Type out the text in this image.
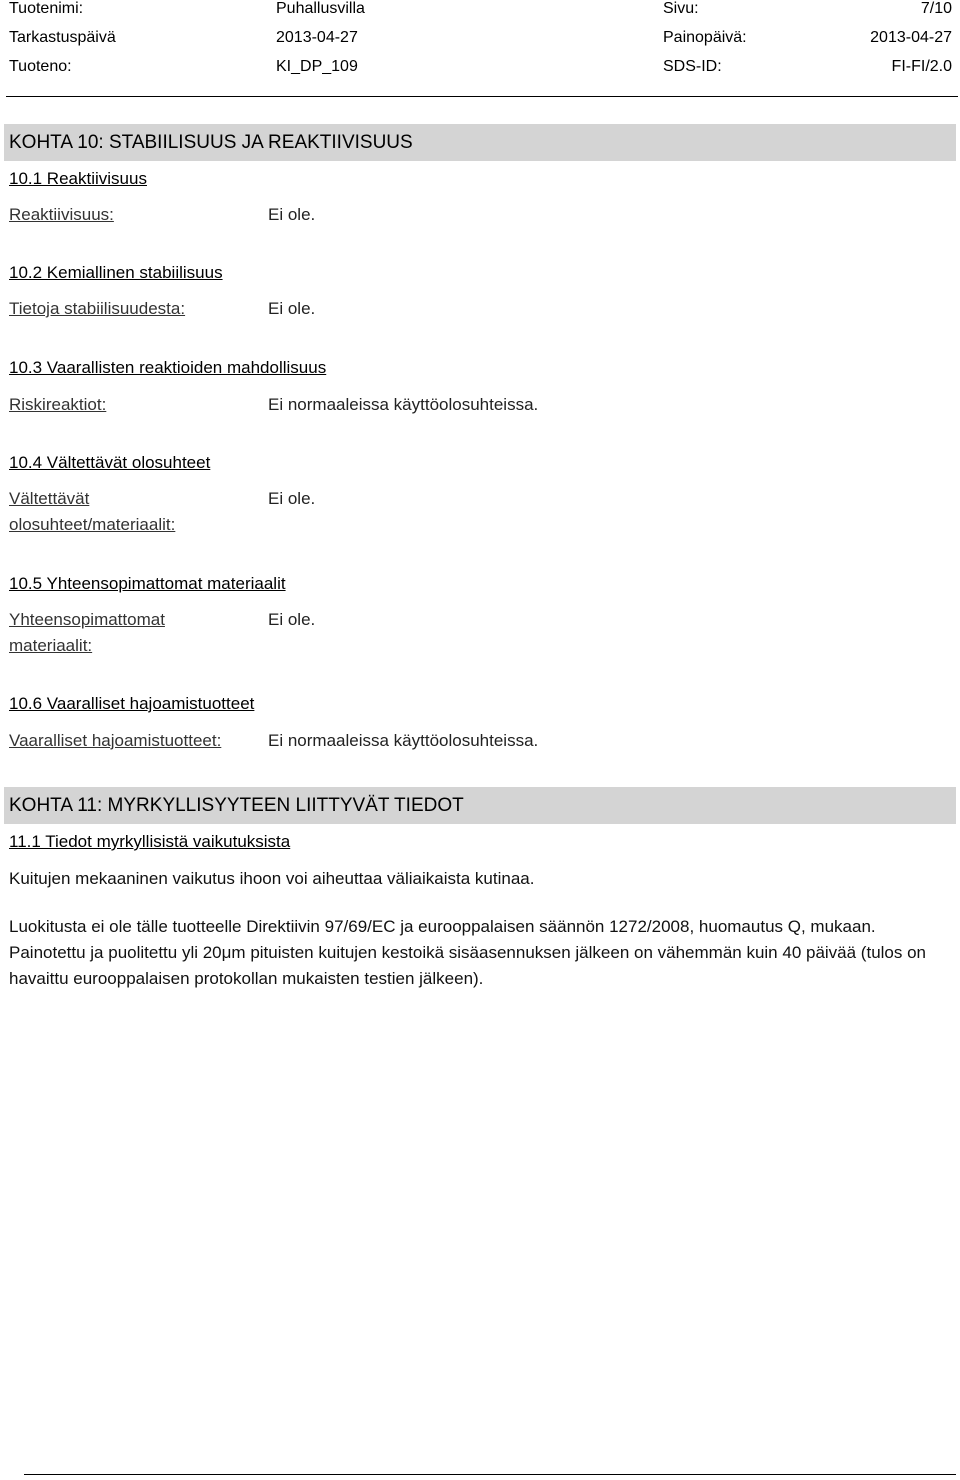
Tuotenimi:	Puhallusvilla	Sivu:	7/10
Tarkastuspäivä	2013-04-27	Painopäivä:	2013-04-27
Tuoteno:	KI_DP_109	SDS-ID:	FI-FI/2.0
KOHTA 10: STABIILISUUS JA REAKTIIVISUUS
10.1 Reaktiivisuus
Reaktiivisuus:	Ei ole.
10.2 Kemiallinen stabiilisuus
Tietoja stabiilisuudesta:	Ei ole.
10.3 Vaarallisten reaktioiden mahdollisuus
Riskireaktiot:	Ei normaaleissa käyttöolosuhteissa.
10.4 Vältettävät olosuhteet
Vältettävät
olosuhteet/materiaalit:
Ei ole.
10.5 Yhteensopimattomat materiaalit
Yhteensopimattomat
materiaalit:
Ei ole.
10.6 Vaaralliset hajoamistuotteet
Vaaralliset hajoamistuotteet:	Ei normaaleissa käyttöolosuhteissa.
KOHTA 11: MYRKYLLISYYTEEN LIITTYVÄT TIEDOT
11.1 Tiedot myrkyllisistä vaikutuksista
Kuitujen mekaaninen vaikutus ihoon voi aiheuttaa väliaikaista kutinaa.
Luokitusta ei ole tälle tuotteelle Direktiivin 97/69/EC ja eurooppalaisen säännön 1272/2008, huomautus Q, mukaan. Painotettu ja puolitettu yli 20μm pituisten kuitujen kestoikä sisäasennuksen jälkeen on vähemmän kuin 40 päivää (tulos on havaittu eurooppalaisen protokollan mukaisten testien jälkeen).
